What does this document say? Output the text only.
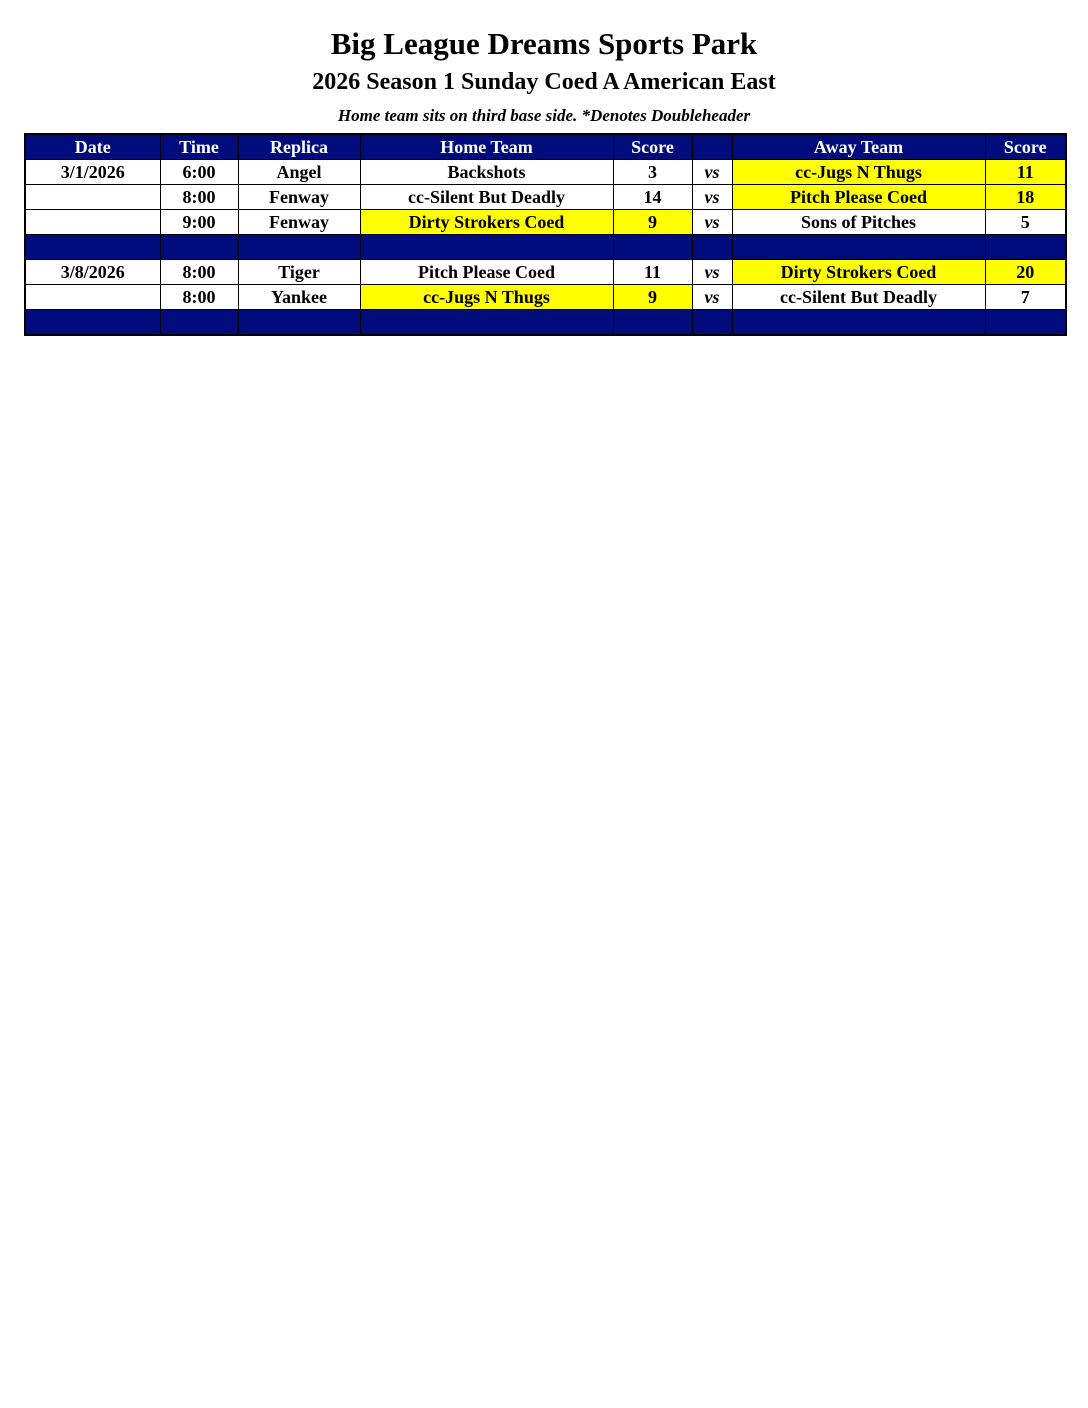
Big League Dreams Sports Park
2026 Season 1 Sunday Coed A American East
Home team sits on third base side. *Denotes Doubleheader
Date	Time	Replica	Home Team	Score		Away Team	Score
3/1/2026	6:00	Angel	Backshots	3	vs	cc-Jugs N Thugs	11
	8:00	Fenway	cc-Silent But Deadly	14	vs	Pitch Please Coed	18
	9:00	Fenway	Dirty Strokers Coed	9	vs	Sons of Pitches	5

3/8/2026	8:00	Tiger	Pitch Please Coed	11	vs	Dirty Strokers Coed	20
	8:00	Yankee	cc-Jugs N Thugs	9	vs	cc-Silent But Deadly	7
